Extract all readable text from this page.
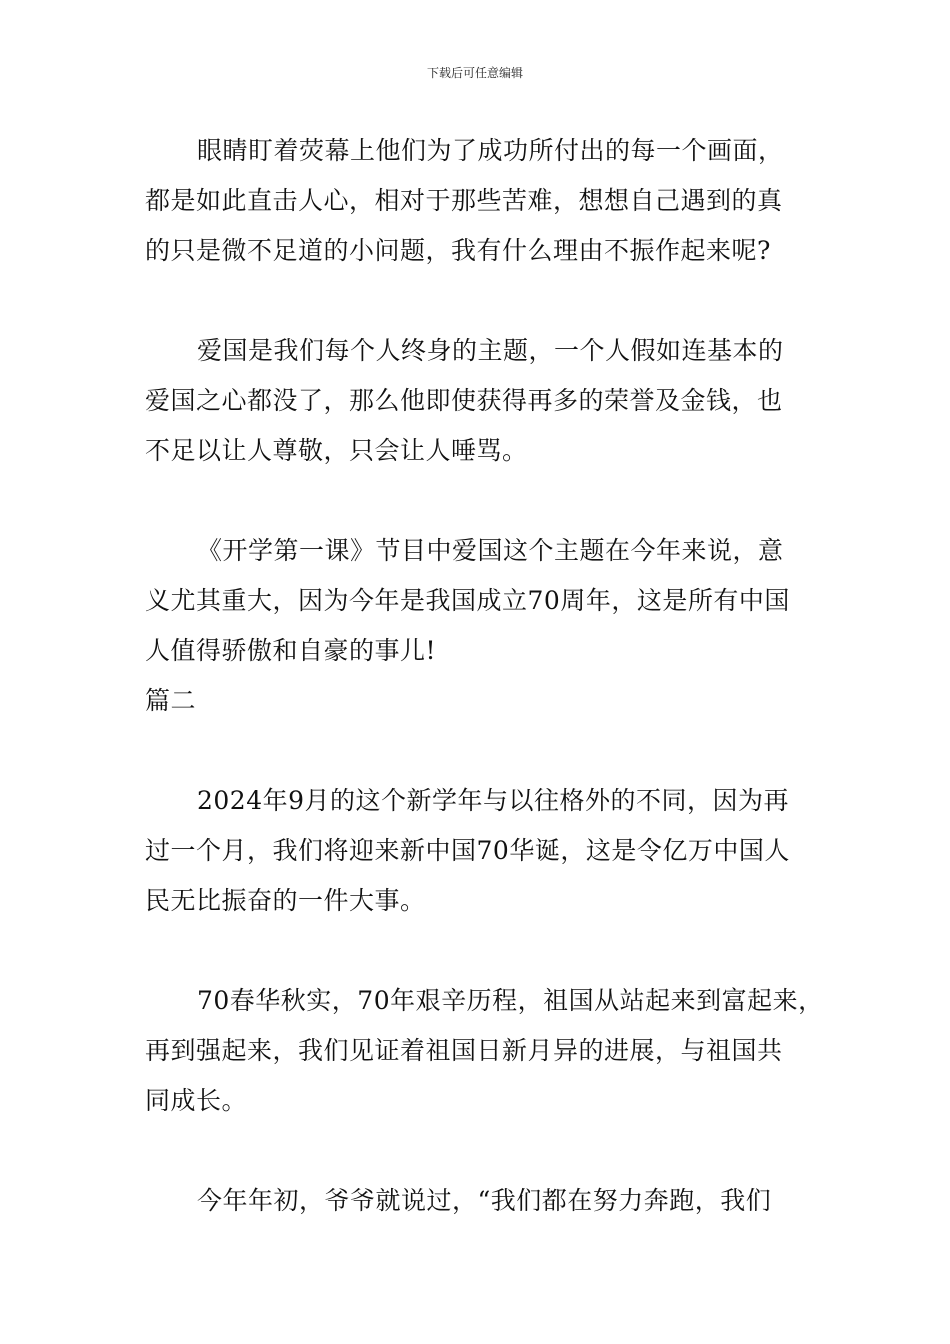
下载后可任意编辑
眼睛盯着荧幕上他们为了成功所付出的每一个画面，
都是如此直击人心，相对于那些苦难，想想自己遇到的真
的只是微不足道的小问题，我有什么理由不振作起来呢?
爱国是我们每个人终身的主题，一个人假如连基本的
爱国之心都没了，那么他即使获得再多的荣誉及金钱，也
不足以让人尊敬，只会让人唾骂。
《开学第一课》节目中爱国这个主题在今年来说，意
义尤其重大，因为今年是我国成立70周年，这是所有中国
人值得骄傲和自豪的事儿!
篇二
2024年9月的这个新学年与以往格外的不同，因为再
过一个月，我们将迎来新中国70华诞，这是令亿万中国人
民无比振奋的一件大事。
70春华秋实，70年艰辛历程，祖国从站起来到富起来，
再到强起来，我们见证着祖国日新月异的进展，与祖国共
同成长。
今年年初，爷爷就说过，“我们都在努力奔跑，我们
